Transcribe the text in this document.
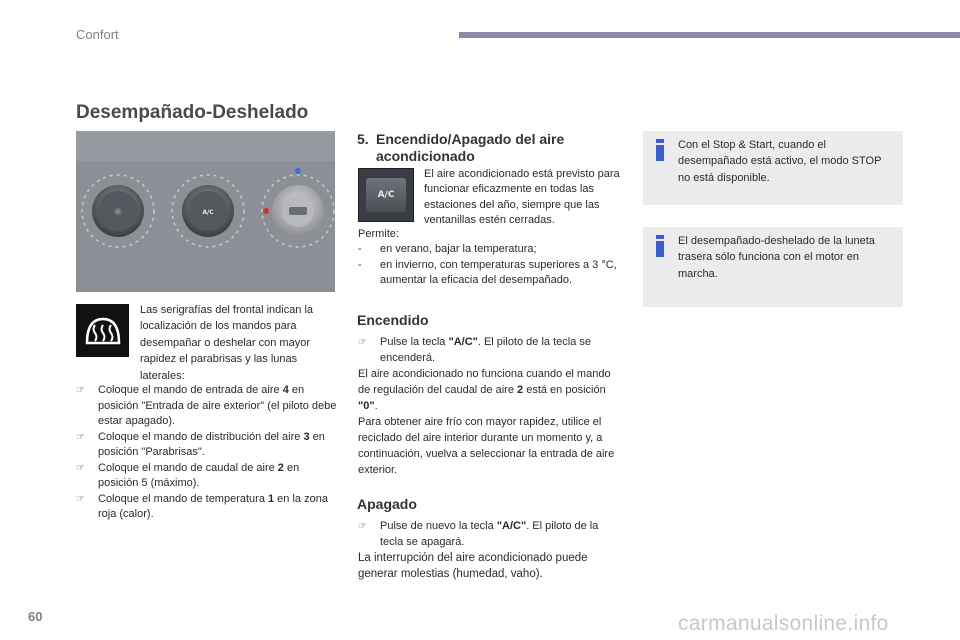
Confort
Desempañado-Deshelado
☼	A/C

Las serigrafías del frontal indican la localización de los mandos para desempañar o deshelar con mayor rapidez el parabrisas y las lunas laterales:

☞ Coloque el mando de entrada de aire 4 en posición "Entrada de aire exterior" (el piloto debe estar apagado).
☞ Coloque el mando de distribución del aire 3 en posición "Parabrisas".
☞ Coloque el mando de caudal de aire 2 en posición 5 (máximo).
☞ Coloque el mando de temperatura 1 en la zona roja (calor).
5. Encendido/Apagado del aire
acondicionado
A/C

El aire acondicionado está previsto para funcionar eficazmente en todas las estaciones del año, siempre que las ventanillas estén cerradas.

Permite:

- en verano, bajar la temperatura;
- en invierno, con temperaturas superiores a 3 °C, aumentar la eficacia del desempañado.
Encendido
☞ Pulse la tecla "A/C". El piloto de la tecla se encenderá.

El aire acondicionado no funciona cuando el mando de regulación del caudal de aire 2 está en posición "0".

Para obtener aire frío con mayor rapidez, utilice el reciclado del aire interior durante un momento y, a continuación, vuelva a seleccionar la entrada de aire exterior.

Apagado
☞ Pulse de nuevo la tecla "A/C". El piloto de la tecla se apagará.

La interrupción del aire acondicionado puede generar molestias (humedad, vaho).

Con el Stop & Start, cuando el desempañado está activo, el modo STOP no está disponible.

El desempañado-deshelado de la luneta trasera sólo funciona con el motor en marcha.

60	carmanualsonline.info
